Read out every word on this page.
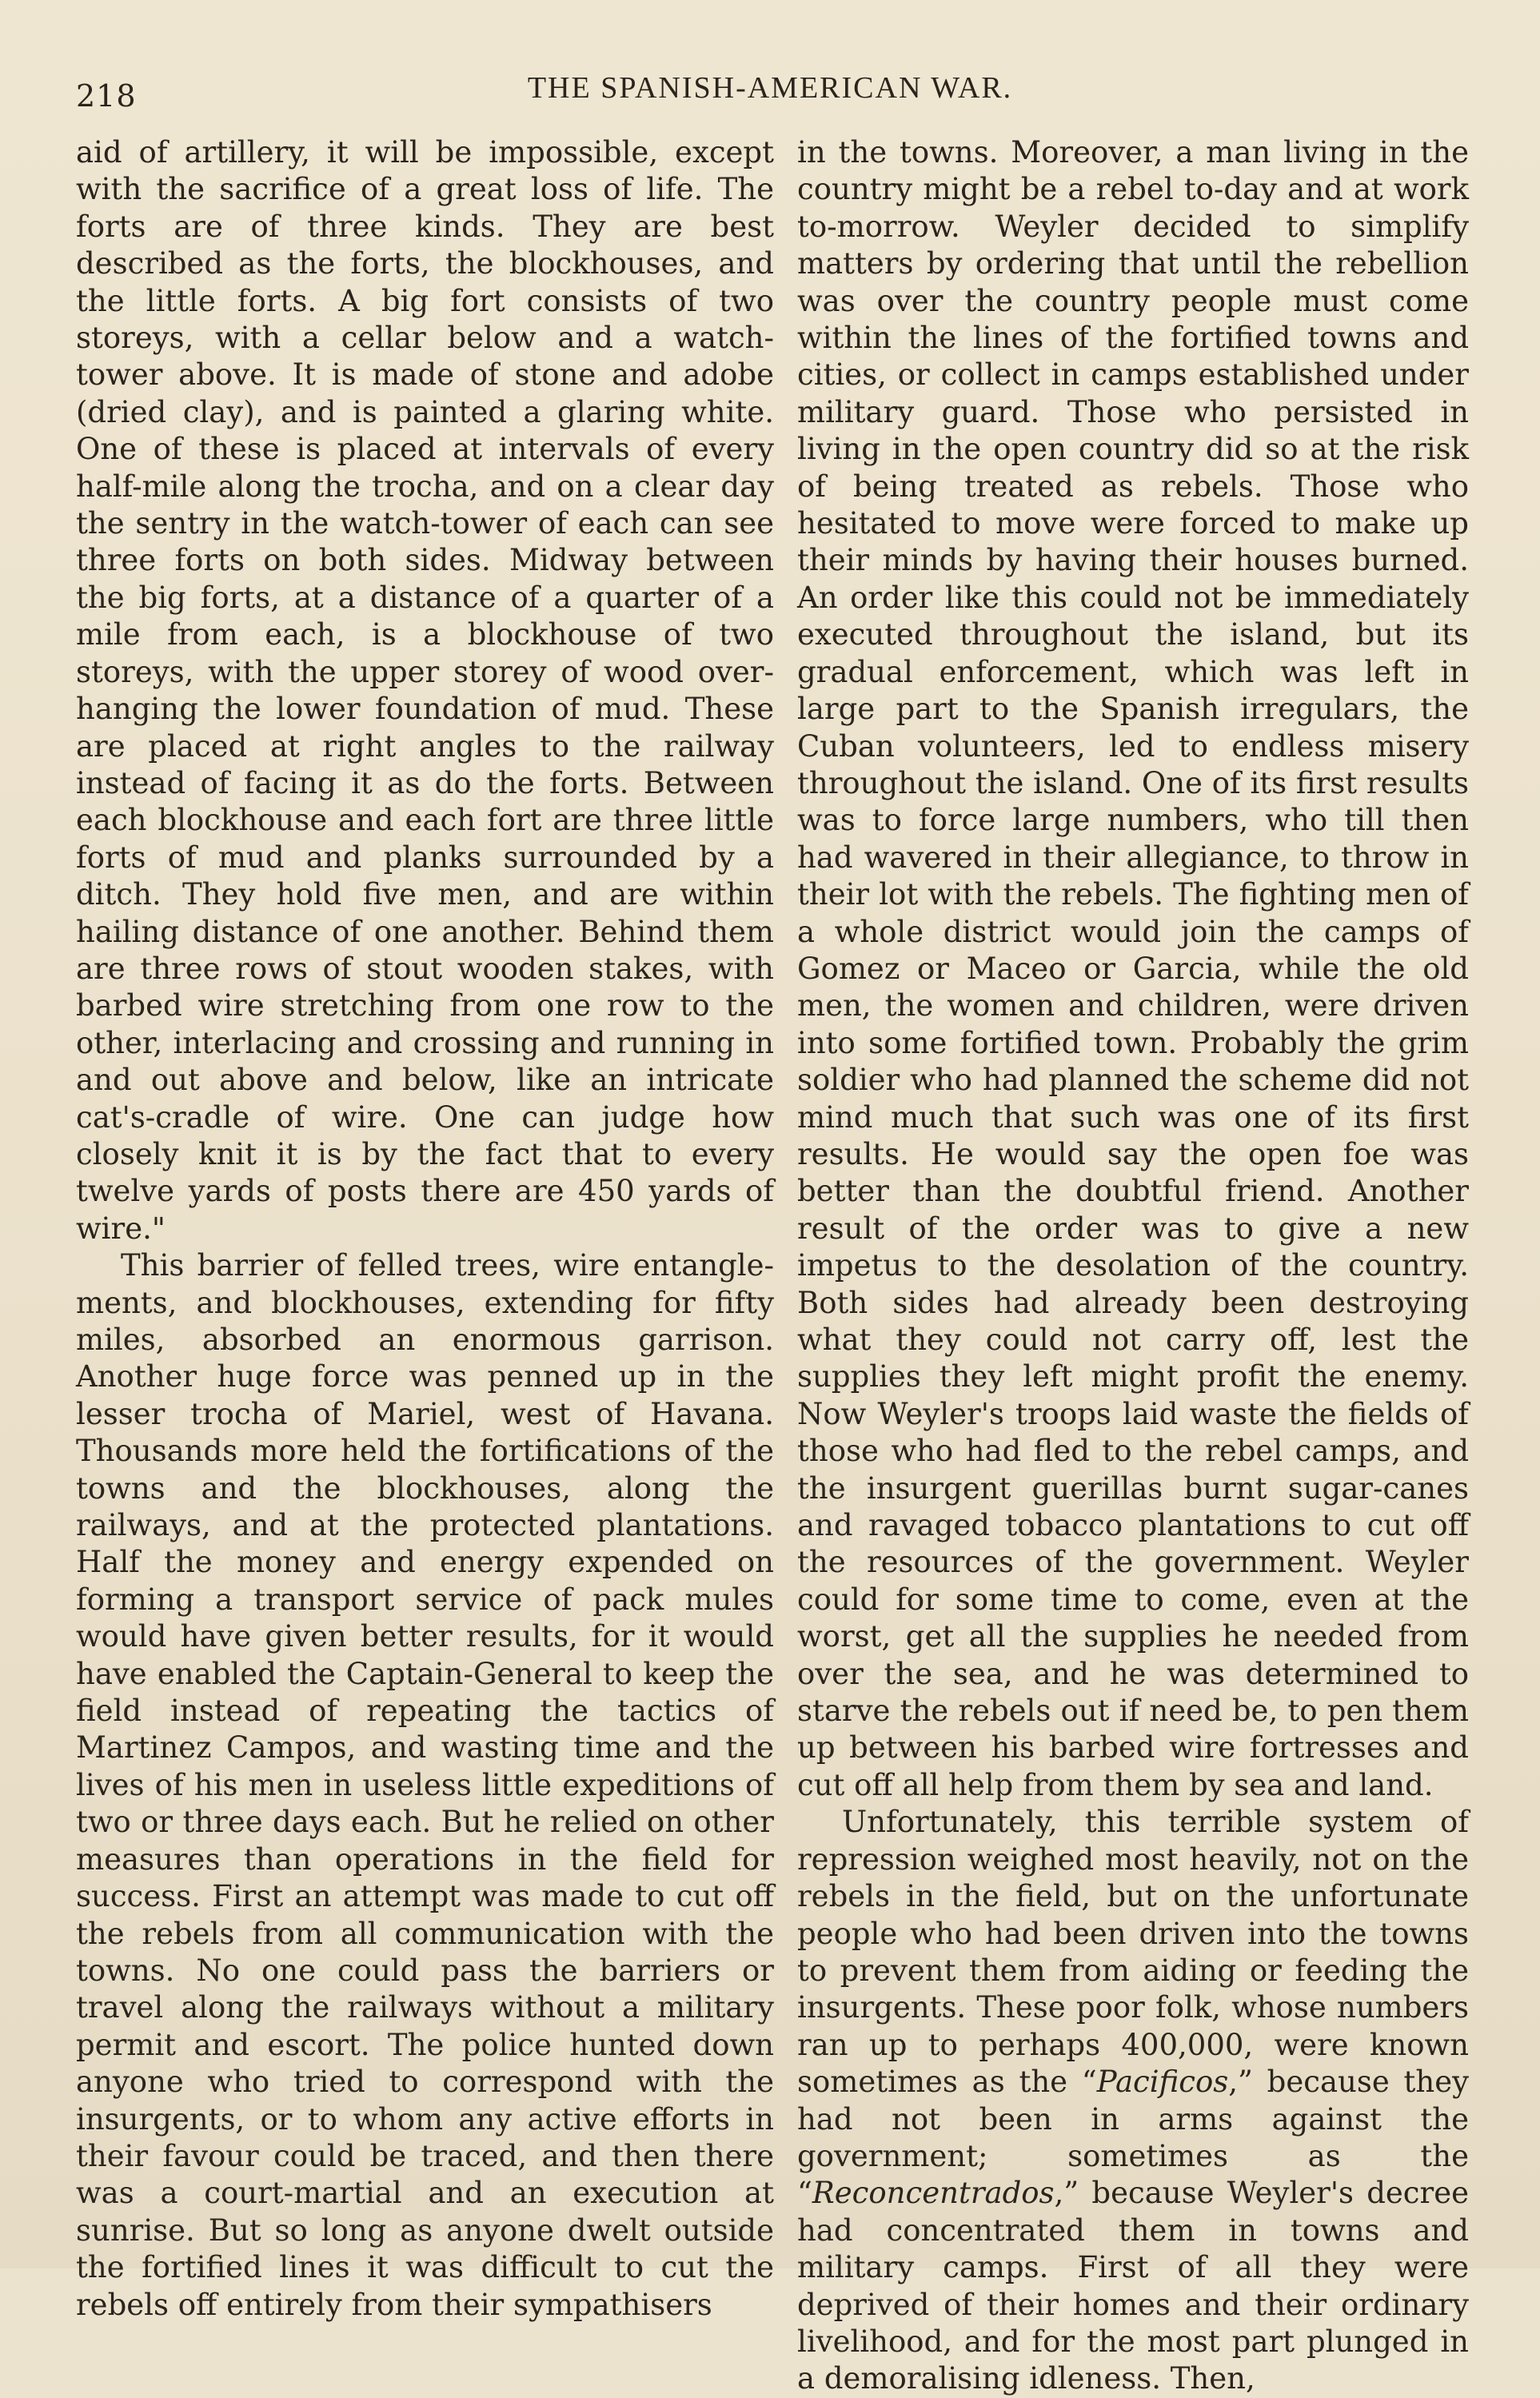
218	THE SPANISH-AMERICAN WAR.

aid of artillery, it will be impossible, except with the sacrifice of a great loss of life. The forts are of three kinds. They are best described as the forts, the blockhouses, and the little forts. A big fort consists of two storeys, with a cellar below and a watch-tower above. It is made of stone and adobe (dried clay), and is painted a glaring white. One of these is placed at intervals of every half-mile along the trocha, and on a clear day the sentry in the watch-tower of each can see three forts on both sides. Midway between the big forts, at a distance of a quarter of a mile from each, is a blockhouse of two storeys, with the upper storey of wood overhanging the lower foundation of mud. These are placed at right angles to the railway instead of facing it as do the forts. Between each blockhouse and each fort are three little forts of mud and planks surrounded by a ditch. They hold five men, and are within hailing distance of one another. Behind them are three rows of stout wooden stakes, with barbed wire stretching from one row to the other, interlacing and crossing and running in and out above and below, like an intricate cat's-cradle of wire. One can judge how closely knit it is by the fact that to every twelve yards of posts there are 450 yards of wire."

This barrier of felled trees, wire entanglements, and blockhouses, extending for fifty miles, absorbed an enormous garrison. Another huge force was penned up in the lesser trocha of Mariel, west of Havana. Thousands more held the fortifications of the towns and the blockhouses, along the railways, and at the protected plantations. Half the money and energy expended on forming a transport service of pack mules would have given better results, for it would have enabled the Captain-General to keep the field instead of repeating the tactics of Martinez Campos, and wasting time and the lives of his men in useless little expeditions of two or three days each. But he relied on other measures than operations in the field for success. First an attempt was made to cut off the rebels from all communication with the towns. No one could pass the barriers or travel along the railways without a military permit and escort. The police hunted down anyone who tried to correspond with the insurgents, or to whom any active efforts in their favour could be traced, and then there was a court-martial and an execution at sunrise. But so long as anyone dwelt outside the fortified lines it was difficult to cut the rebels off entirely from their sympathisers

in the towns. Moreover, a man living in the country might be a rebel to-day and at work to-morrow. Weyler decided to simplify matters by ordering that until the rebellion was over the country people must come within the lines of the fortified towns and cities, or collect in camps established under military guard. Those who persisted in living in the open country did so at the risk of being treated as rebels. Those who hesitated to move were forced to make up their minds by having their houses burned. An order like this could not be immediately executed throughout the island, but its gradual enforcement, which was left in large part to the Spanish irregulars, the Cuban volunteers, led to endless misery throughout the island. One of its first results was to force large numbers, who till then had wavered in their allegiance, to throw in their lot with the rebels. The fighting men of a whole district would join the camps of Gomez or Maceo or Garcia, while the old men, the women and children, were driven into some fortified town. Probably the grim soldier who had planned the scheme did not mind much that such was one of its first results. He would say the open foe was better than the doubtful friend. Another result of the order was to give a new impetus to the desolation of the country. Both sides had already been destroying what they could not carry off, lest the supplies they left might profit the enemy. Now Weyler's troops laid waste the fields of those who had fled to the rebel camps, and the insurgent guerillas burnt sugar-canes and ravaged tobacco plantations to cut off the resources of the government. Weyler could for some time to come, even at the worst, get all the supplies he needed from over the sea, and he was determined to starve the rebels out if need be, to pen them up between his barbed wire fortresses and cut off all help from them by sea and land.

Unfortunately, this terrible system of repression weighed most heavily, not on the rebels in the field, but on the unfortunate people who had been driven into the towns to prevent them from aiding or feeding the insurgents. These poor folk, whose numbers ran up to perhaps 400,000, were known sometimes as the “Pacificos,” because they had not been in arms against the government; sometimes as the “Reconcentrados,” because Weyler's decree had concentrated them in towns and military camps. First of all they were deprived of their homes and their ordinary livelihood, and for the most part plunged in a demoralising idleness. Then,
